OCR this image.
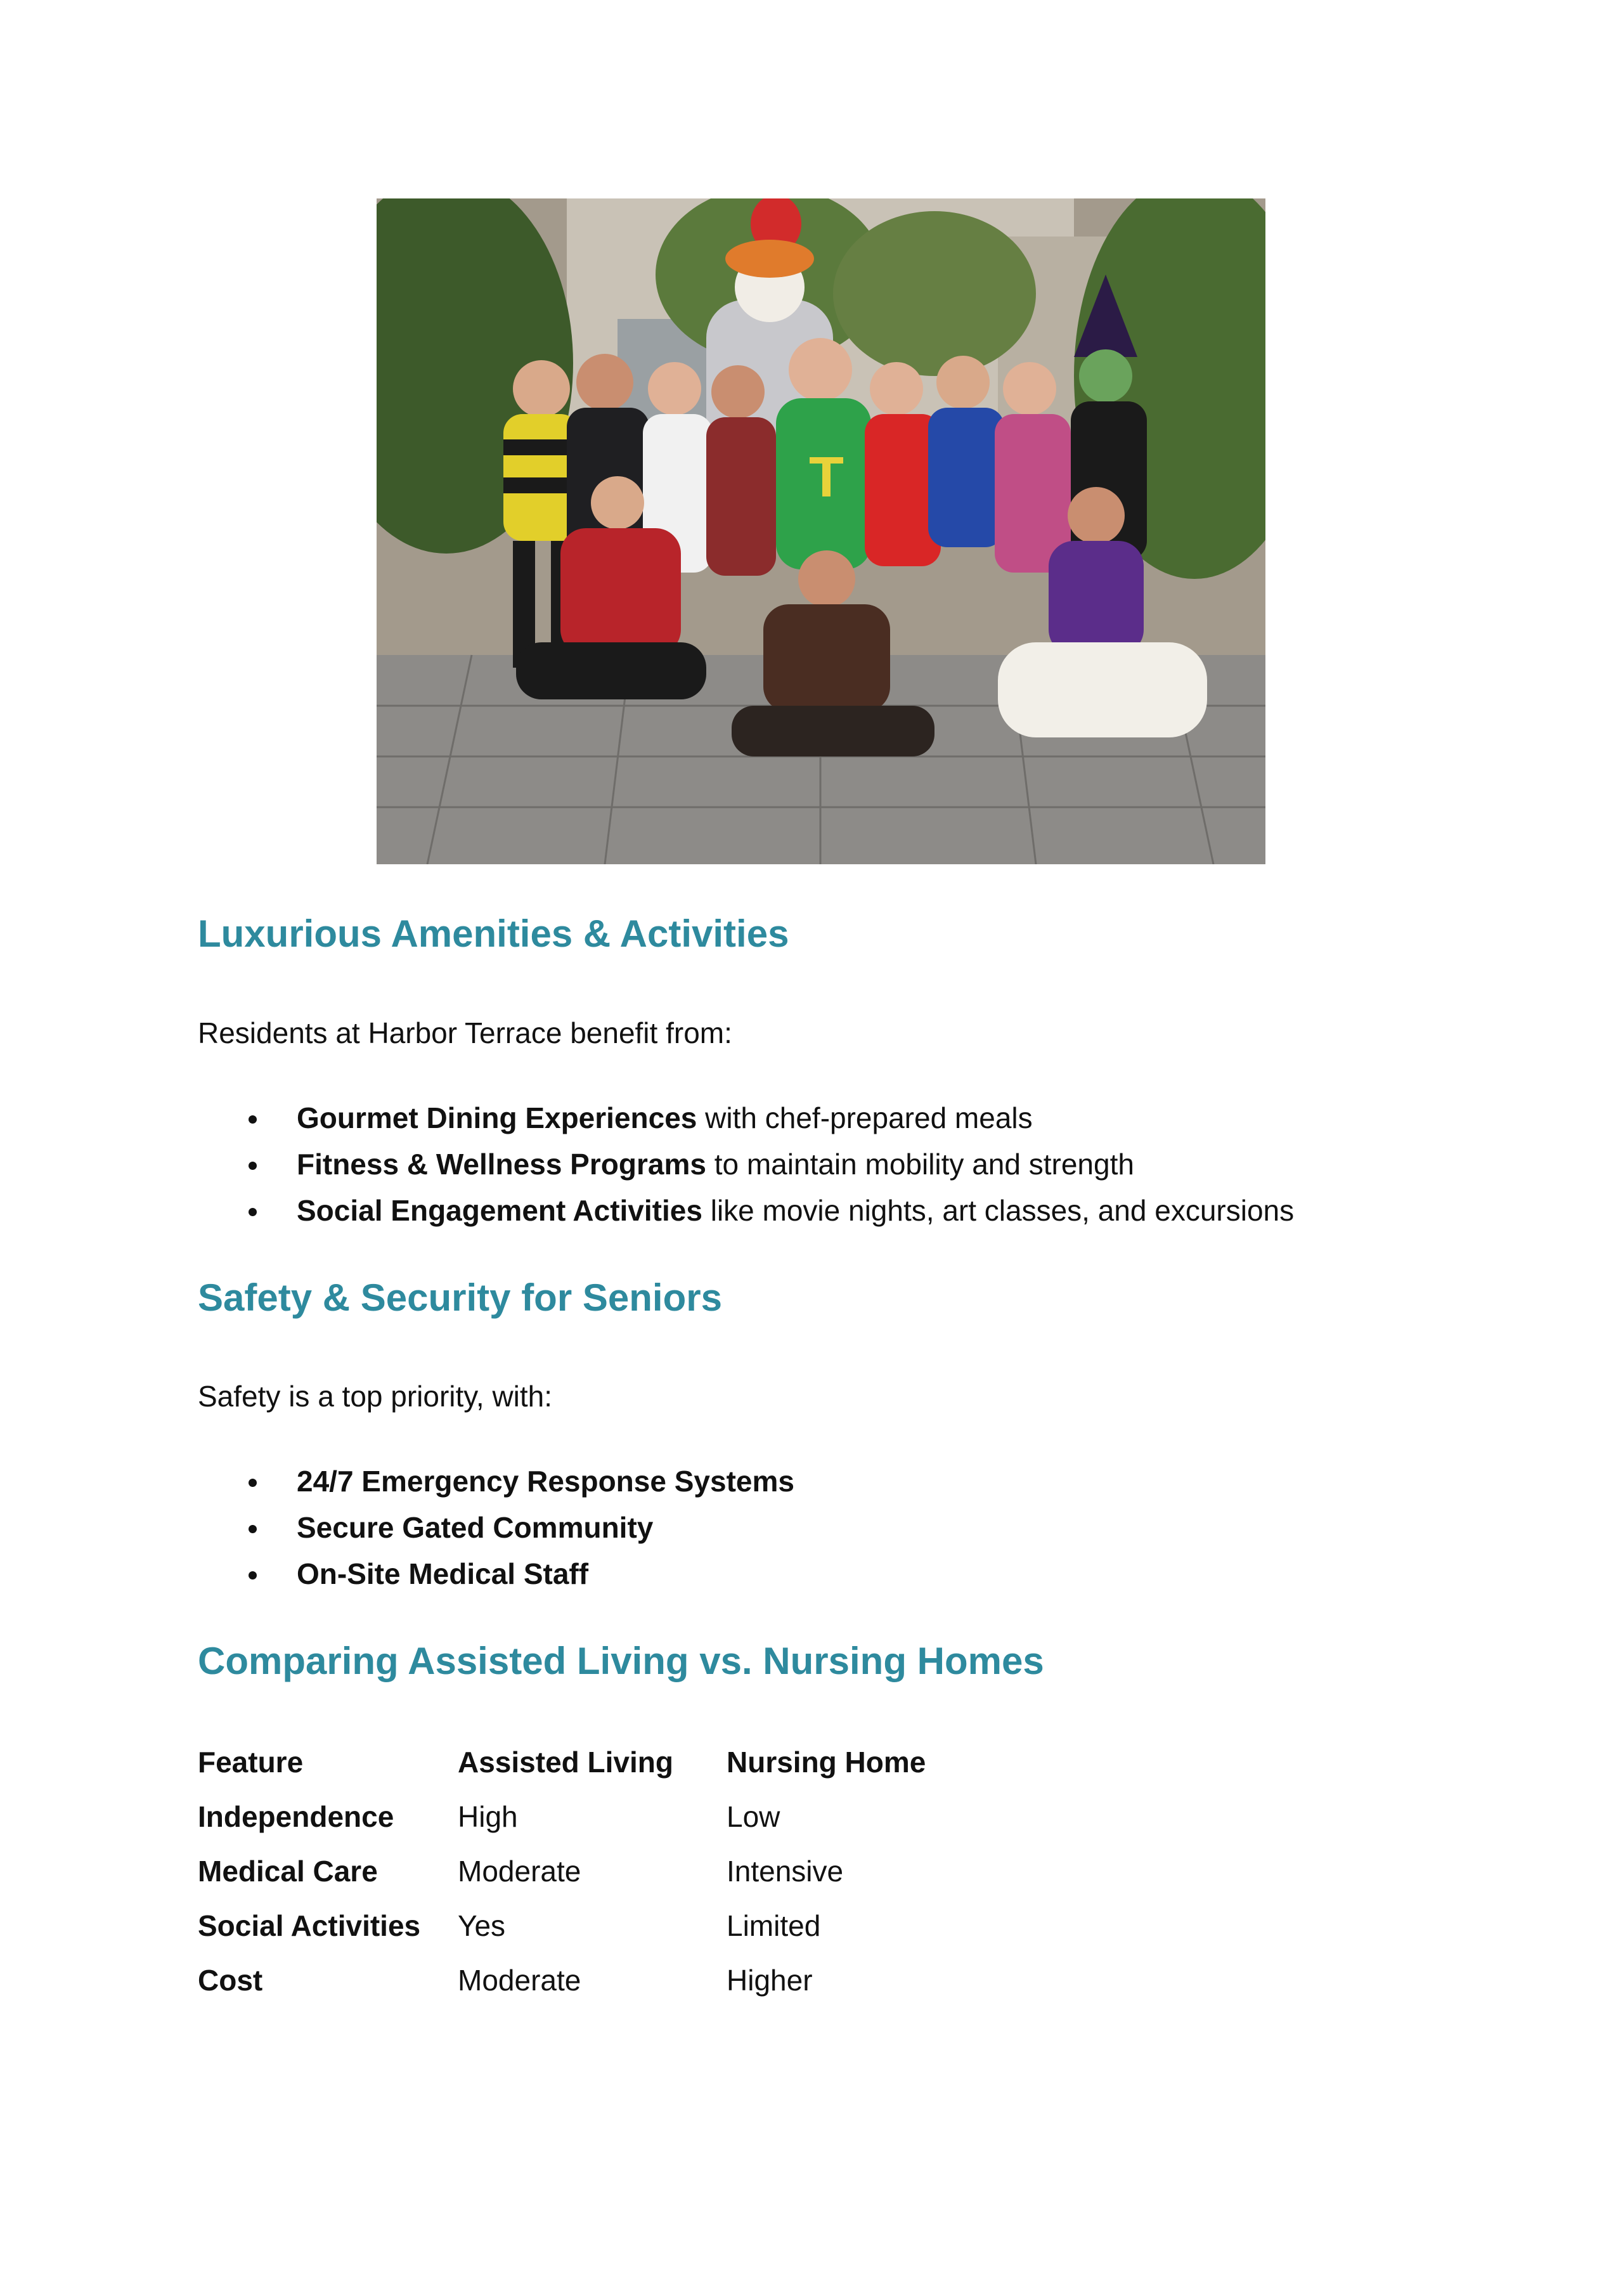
T
Luxurious Amenities & Activities

Residents at Harbor Terrace benefit from:

Gourmet Dining Experiences with chef-prepared meals
Fitness & Wellness Programs to maintain mobility and strength
Social Engagement Activities like movie nights, art classes, and excursions
Safety & Security for Seniors

Safety is a top priority, with:

24/7 Emergency Response Systems
Secure Gated Community
On-Site Medical Staff
Comparing Assisted Living vs. Nursing Homes
Feature	Assisted Living	Nursing Home
Independence	High	Low
Medical Care	Moderate	Intensive
Social Activities	Yes	Limited
Cost	Moderate	Higher
